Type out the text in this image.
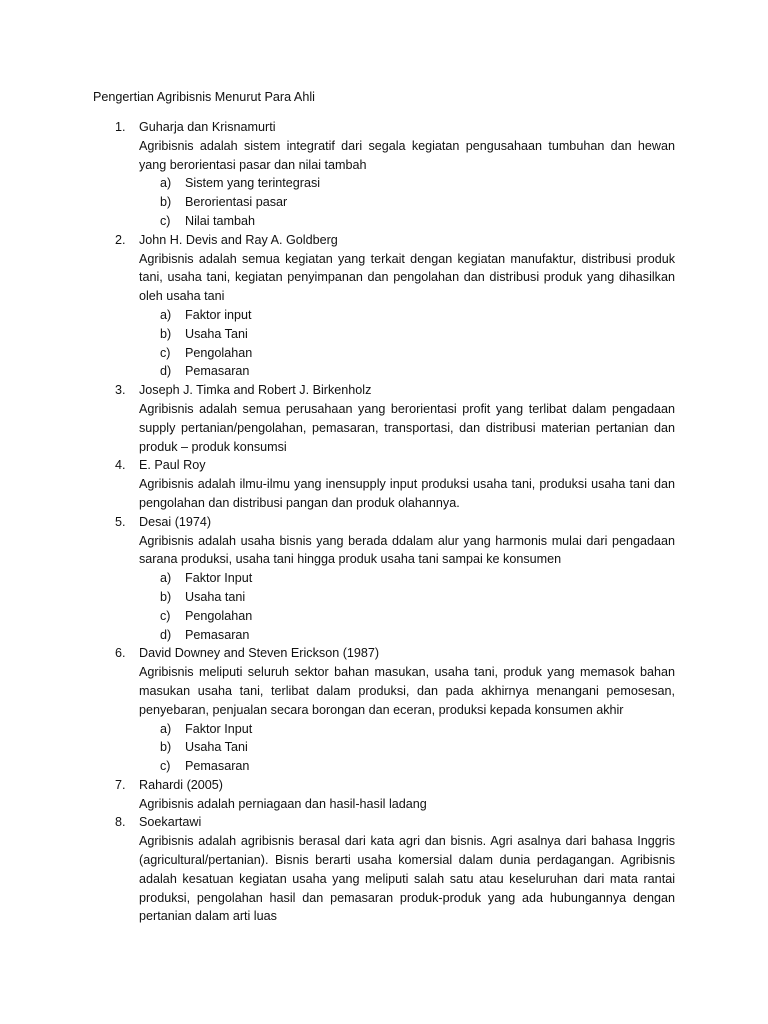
Pengertian Agribisnis Menurut Para Ahli
1.	Guharja dan Krisnamurti
Agribisnis adalah sistem integratif dari segala kegiatan pengusahaan tumbuhan dan hewan yang berorientasi pasar dan nilai tambah
a) Sistem yang terintegrasi
b) Berorientasi pasar
c) Nilai tambah
2.	John H. Devis and Ray A. Goldberg
Agribisnis adalah semua kegiatan yang terkait dengan kegiatan manufaktur, distribusi produk tani, usaha tani, kegiatan penyimpanan dan pengolahan dan distribusi produk yang dihasilkan oleh usaha tani
a) Faktor input
b) Usaha Tani
c) Pengolahan
d) Pemasaran
3.	Joseph J. Timka and Robert J. Birkenholz
Agribisnis adalah semua perusahaan yang berorientasi profit yang terlibat dalam pengadaan supply pertanian/pengolahan, pemasaran, transportasi, dan distribusi materian pertanian dan produk – produk konsumsi
4.	E. Paul Roy
Agribisnis adalah ilmu-ilmu yang inensupply input produksi usaha tani, produksi usaha tani dan pengolahan dan distribusi pangan dan produk olahannya.
5.	Desai (1974)
Agribisnis adalah usaha bisnis yang berada ddalam alur yang harmonis mulai dari pengadaan sarana produksi, usaha tani hingga produk usaha tani sampai ke konsumen
a) Faktor Input
b) Usaha tani
c) Pengolahan
d) Pemasaran
6.	David Downey and Steven Erickson (1987)
Agribisnis meliputi seluruh sektor bahan masukan, usaha tani, produk yang memasok bahan masukan usaha tani, terlibat dalam produksi, dan pada akhirnya menangani pemosesan, penyebaran, penjualan secara borongan dan eceran, produksi kepada konsumen akhir
a) Faktor Input
b) Usaha Tani
c) Pemasaran
7.	Rahardi (2005)
Agribisnis adalah perniagaan dan hasil-hasil ladang
8.	Soekartawi
Agribisnis adalah agribisnis berasal dari kata agri dan bisnis. Agri asalnya dari bahasa Inggris (agricultural/pertanian). Bisnis berarti usaha komersial dalam dunia perdagangan. Agribisnis adalah kesatuan kegiatan usaha yang meliputi salah satu atau keseluruhan dari mata rantai produksi, pengolahan hasil dan pemasaran produk-produk yang ada hubungannya dengan pertanian dalam arti luas
